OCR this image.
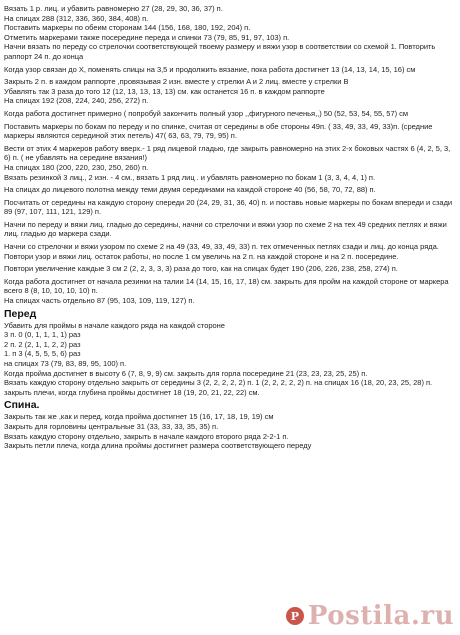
Вязать 1 р. лиц. и убавить равномерно 27 (28, 29, 30, 36, 37) п.
На спицах 288 (312, 336, 360, 384, 408) п.
Поставить маркеры по обеим сторонам 144 (156, 168, 180, 192, 204) п.
Отметить маркерами также посередине переда и спинки 73 (79, 85, 91, 97, 103) п.
Начни вязать по переду со стрелочки соответствующей твоему размеру и вяжи узор в соответствии со схемой 1. Повторить раппорт 24 п. до конца
Когда узор связан до X, поменять спицы на 3,5 и продолжить вязание, пока работа достигнет 13 (14, 13, 14, 15, 16) см
Закрыть 2 п. в каждом раппорте ,провязывая 2 изн. вместе у стрелки A и 2 лиц. вместе у стрелки B
Убавлять так 3 раза до того 12 (12, 13, 13, 13, 13) см. как останется 16 п. в каждом раппорте
На спицах 192 (208, 224, 240, 256, 272) п.
Когда работа достигнет примерно ( попробуй закончить полный узор ,,фигурного печенья,,) 50 (52, 53, 54, 55, 57) см
Поставить маркеры по бокам по переду и по спинке, считая от середины в обе стороны 49п. ( 33, 49, 33, 49, 33)п. (средние маркеры являются серединой этих петель) 47( 63, 63, 79, 79, 95) п.
Вести от этих 4 маркеров работу вверх.- 1 ряд лицевой гладью, где закрыть равномерно на этих 2-х боковых частях 6 (4, 2, 5, 3, 6) п. ( не убавлять на середине вязания!)
На спицах 180 (200, 220, 230, 250, 260) п.
Вязать резинкой 3 лиц., 2 изн. - 4 см., вязать 1 ряд лиц . и убавлять равномерно по бокам 1 (3, 3, 4, 4, 1) п.
На спицах до лицевого полотна между теми двумя серединами на каждой стороне 40 (56, 58, 70, 72, 88) п.
Посчитать от середины на каждую сторону спереди 20 (24, 29, 31, 36, 40) п. и поставь новые маркеры по бокам впереди и сзади 89 (97, 107, 111, 121, 129) п.
Начни по переду и вяжи лиц. гладью до середины, начни со стрелочки и вяжи узор по схеме 2 на тех 49 средних петлях и вяжи лиц. гладью до маркера сзади.
Начни со стрелочки и вяжи узором по схеме 2 на 49 (33, 49, 33, 49, 33) п. тех отмеченных петлях сзади и лиц. до конца ряда. Повтори узор и вяжи лиц. остаток работы, но после 1 см увеличь на 2 п. на каждой стороне и на 2 п. посередине.
Повтори увеличение каждые 3 см 2 (2, 2, 3, 3, 3) раза до того, как на спицах будет 190 (206, 226, 238, 258, 274) п.
Когда работа достигнет от начала резинки на талии 14 (14, 15, 16, 17, 18) см. закрыть для пройм на каждой стороне от маркера всего 8 (8, 10, 10, 10, 10) п.
На спицах часть отдельно 87 (95, 103, 109, 119, 127) п.
Перед
Убавить для проймы в начале каждого ряда на каждой стороне
3 п. 0 (0, 1, 1, 1, 1) раз
2 п. 2 (2, 1, 1, 2, 2) раз
1. п 3 (4, 5, 5, 5, 6) раз
на спицах 73 (79, 83, 89, 95, 100) п.
Когда пройма достигнет в высоту 6 (7, 8, 9, 9) см. закрыть для горла посередине 21 (23, 23, 23, 25, 25) п.
Вязать каждую сторону отдельно закрыть от середины 3 (2, 2, 2, 2, 2) п. 1 (2, 2, 2, 2, 2) п. на спицах 16 (18, 20, 23, 25, 28) п.
закрыть плечи, когда глубина проймы достигнет 18 (19, 20, 21, 22, 22) см.
Спина.
Закрыть так же ,как и перед, когда пройма достигнет 15 (16, 17, 18, 19, 19) см
Закрыть для горловины центральные 31 (33, 33, 33, 35, 35) п.
Вязать каждую сторону отдельно, закрыть в начале каждого второго ряда 2-2-1 п.
Закрыть петли плеча, когда длина проймы достигнет размера соответствующего переду
P Postila.ru
